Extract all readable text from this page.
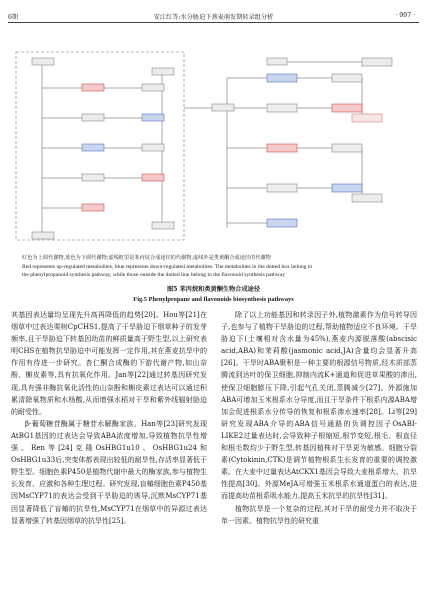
6期	安江红等:水分胁迫下燕麦萌发期转录组分析	· 997 ·
红色为上调代谢物,蓝色为下调代谢物;虚线框里是苯丙烷合成途径的代谢物,虚线外是类黄酮合成途径的代谢物
Red represents up-regulated metabolites, blue represents down-regulated metabolites. The metabolites in the dotted box belong to
the phenylpropanoid synthesis pathway, while those outside the dotted line belong to the flavonoid synthesis pathway
图5 苯丙烷和类黄酮生物合成途径
Fig.5 Phenylpropane and flavonoids biosynthesis pathways

其基因表达量均呈现先升高再降低的趋势[20]。Hou等[21]在烟草中过表达栗树CpCHS1,提高了干旱胁迫下烟草种子的发芽频率,且干旱胁迫下转基因幼苗的鲜质量高于野生型,以上研究表明CHS在植物抗旱胁迫中可能发挥一定作用,其在燕麦抗旱中的作用有待进一步研究。杏仁酮合成酶的下游代谢产物,如山奈酚、槲皮素等,具有抗氧化作用。Jan等[22]通过转基因研究发现,具有强非酶抗氧化活性的山奈酚和槲皮素过表达可以通过积累清除氧物质和水杨酸,从而增强水稻对干旱和紫外线辐射胁迫的耐受性。

β-葡萄糖苷酶属于糖苷水解酶家族。Han等[23]研究发现AtBG1基因的过表达会导致ABA浓度增加,导致植物抗旱性增强。Ren等[24]克隆OsHBG1u10、OsHBG1u24和OsHBG1u33后,突变体都表现出较低的耐旱性,存活率显著低于野生型。细胞色素P450是植物代谢中最大的酶家族,参与植物生长发育、应激和各种生理过程。研究发现,盲蝽细胞色素P450基因MsCYP71的表达会受到干旱胁迫的诱导,沉默MsCYP71基因显著降低了盲蝽的抗旱性,MsCYP71在烟草中的异源过表达显著增强了转基因烟草的抗旱性[25]。

除了以上功能基因和转录因子外,植物激素作为信号转导因子,也参与了植物干旱胁迫的过程,帮助植物适应不良环境。干旱胁迫下(土壤相对含水量为45%),燕麦内源脱落酸(abscisic acid,ABA)和茉莉酸(jasmonic acid,JA)含量均会显著升高[26]。干旱时ABA聚积是一种主要的根源信号物质,经木质部蒸腾流到达叶的保卫细胞,抑制内流K+通道和促进草果酸的渗出,使保卫细胞膨压下降,引起气孔关闭,蒸腾减少[27]。外源施加ABA可增加玉米根系水分导度,而且干旱条件下根系内源ABA增加会促进根系水分传导的恢复和根系渗水速率[28]。Li等[29]研究发现ABA介导的ABA信号通路的负调控因子OsABI-LIKE2过量表达时,会导致种子根缩短,根节变短,根毛、根直径和根毛数均少于野生型,转基因植株对干旱更为敏感。细胞分裂素(Cytokinin,CTK)是调节植物根系生长发育的重要的调控激素。在大麦中过量表达AtCKX1基因会导致大麦根系增大、抗旱性提高[30]。外源MeJA可增强玉米根系水通道蛋白的表达,进而提高幼苗根系吸水能力,提高玉米抗旱的抗旱性[31]。

植物抗旱是一个复杂的过程,其对干旱的耐受力并不取决于单一因素。植物抗旱性的研究重
